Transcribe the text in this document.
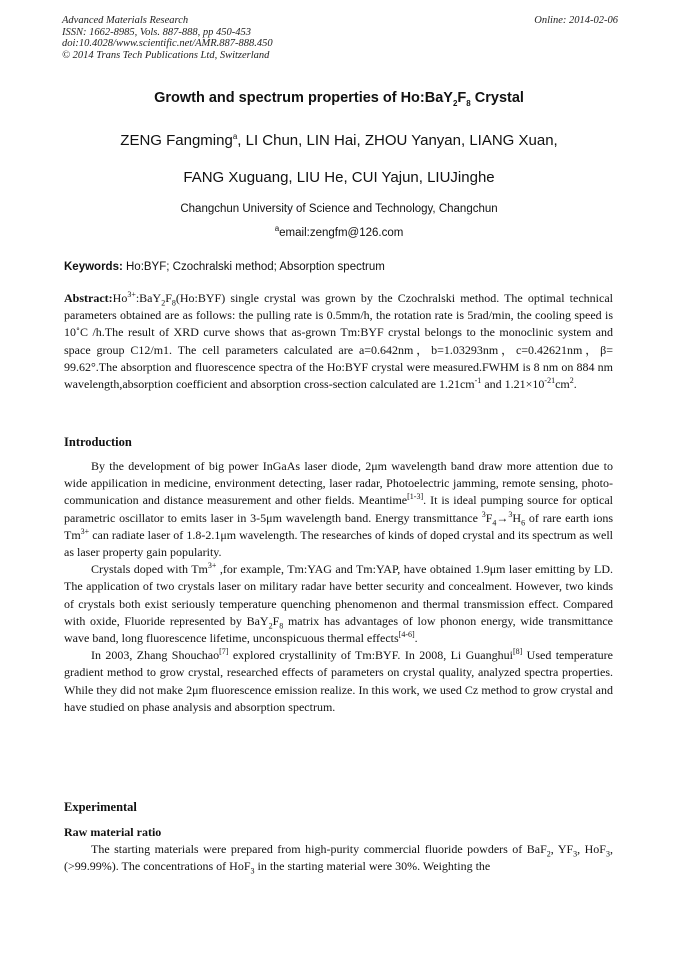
Advanced Materials Research
ISSN: 1662-8985, Vols. 887-888, pp 450-453
doi:10.4028/www.scientific.net/AMR.887-888.450
© 2014 Trans Tech Publications Ltd, Switzerland
Online: 2014-02-06
Growth and spectrum properties of $Ho:BaY_2F_8$ Crystal
ZENG Fangming$^a$, LI Chun, LIN Hai, ZHOU Yanyan, LIANG Xuan,
FANG Xuguang, LIU He, CUI Yajun, LIUJinghe
Changchun University of Science and Technology, Changchun
$^a$email:zengfm@126.com
Keywords: Ho:BYF; Czochralski method; Absorption spectrum

$Abstract:Ho^{3+}:BaY_2F_8(Ho:BYF)$ single crystal was grown by the Czochralski method. The optimal technical parameters obtained are as follows: the pulling rate is 0.5mm/h, the rotation rate is 5rad/min, the cooling speed is 10˚C /h.The result of XRD curve shows that as-grown Tm:BYF crystal belongs to the monoclinic system and space group C12/m1. The cell parameters calculated are a=0.642nm，b=1.03293nm，c=0.42621nm，β= 99.62°.The absorption and fluorescence spectra of the Ho:BYF crystal were measured.FWHM is 8 nm on 884 nm wavelength,absorption coefficient and absorption cross-section calculated are $1.21cm^{-1}$ and $1.21\times 10^{-21}cm^2$.

Introduction

By the development of big power InGaAs laser diode, 2μm wavelength band draw more attention due to wide appilication in medicine, environment detecting, laser radar, Photoelectric jamming, remote sensing, photo-communication and distance measurement and other fields. Meantime[1-3]. It is ideal pumping source for optical parametric oscillator to emits laser in 3-5μm wavelength band. Energy transmittance $^3F_4\to^3H_6$ of rare earth ions $Tm^{3+}$ can radiate laser of 1.8-2.1μm wavelength. The researches of kinds of doped crystal and its spectrum as well as laser property gain popularity.

Crystals doped with $Tm^{3+}$ ,for example, Tm:YAG and Tm:YAP, have obtained 1.9μm laser emitting by LD. The application of two crystals laser on military radar have better security and concealment. However, two kinds of crystals both exist seriously temperature quenching phenomenon and thermal transmission effect. Compared with oxide, Fluoride represented by $BaY_2F_8$ matrix has advantages of low phonon energy, wide transmittance wave band, long fluorescence lifetime, unconspicuous thermal effects[4-6].

In 2003, Zhang Shouchao[7] explored crystallinity of Tm:BYF. In 2008, Li Guanghui[8] Used temperature gradient method to grow crystal, researched effects of parameters on crystal quality, analyzed spectra properties. While they did not make 2μm fluorescence emission realize. In this work, we used Cz method to grow crystal and have studied on phase analysis and absorption spectrum.

Experimental
Raw material ratio

The starting materials were prepared from high-purity commercial fluoride powders of BaF$_2$, $YF_3$, HoF$_3$,(>99.99%). The concentrations of HoF$_3$ in the starting material were 30%. Weighting the
